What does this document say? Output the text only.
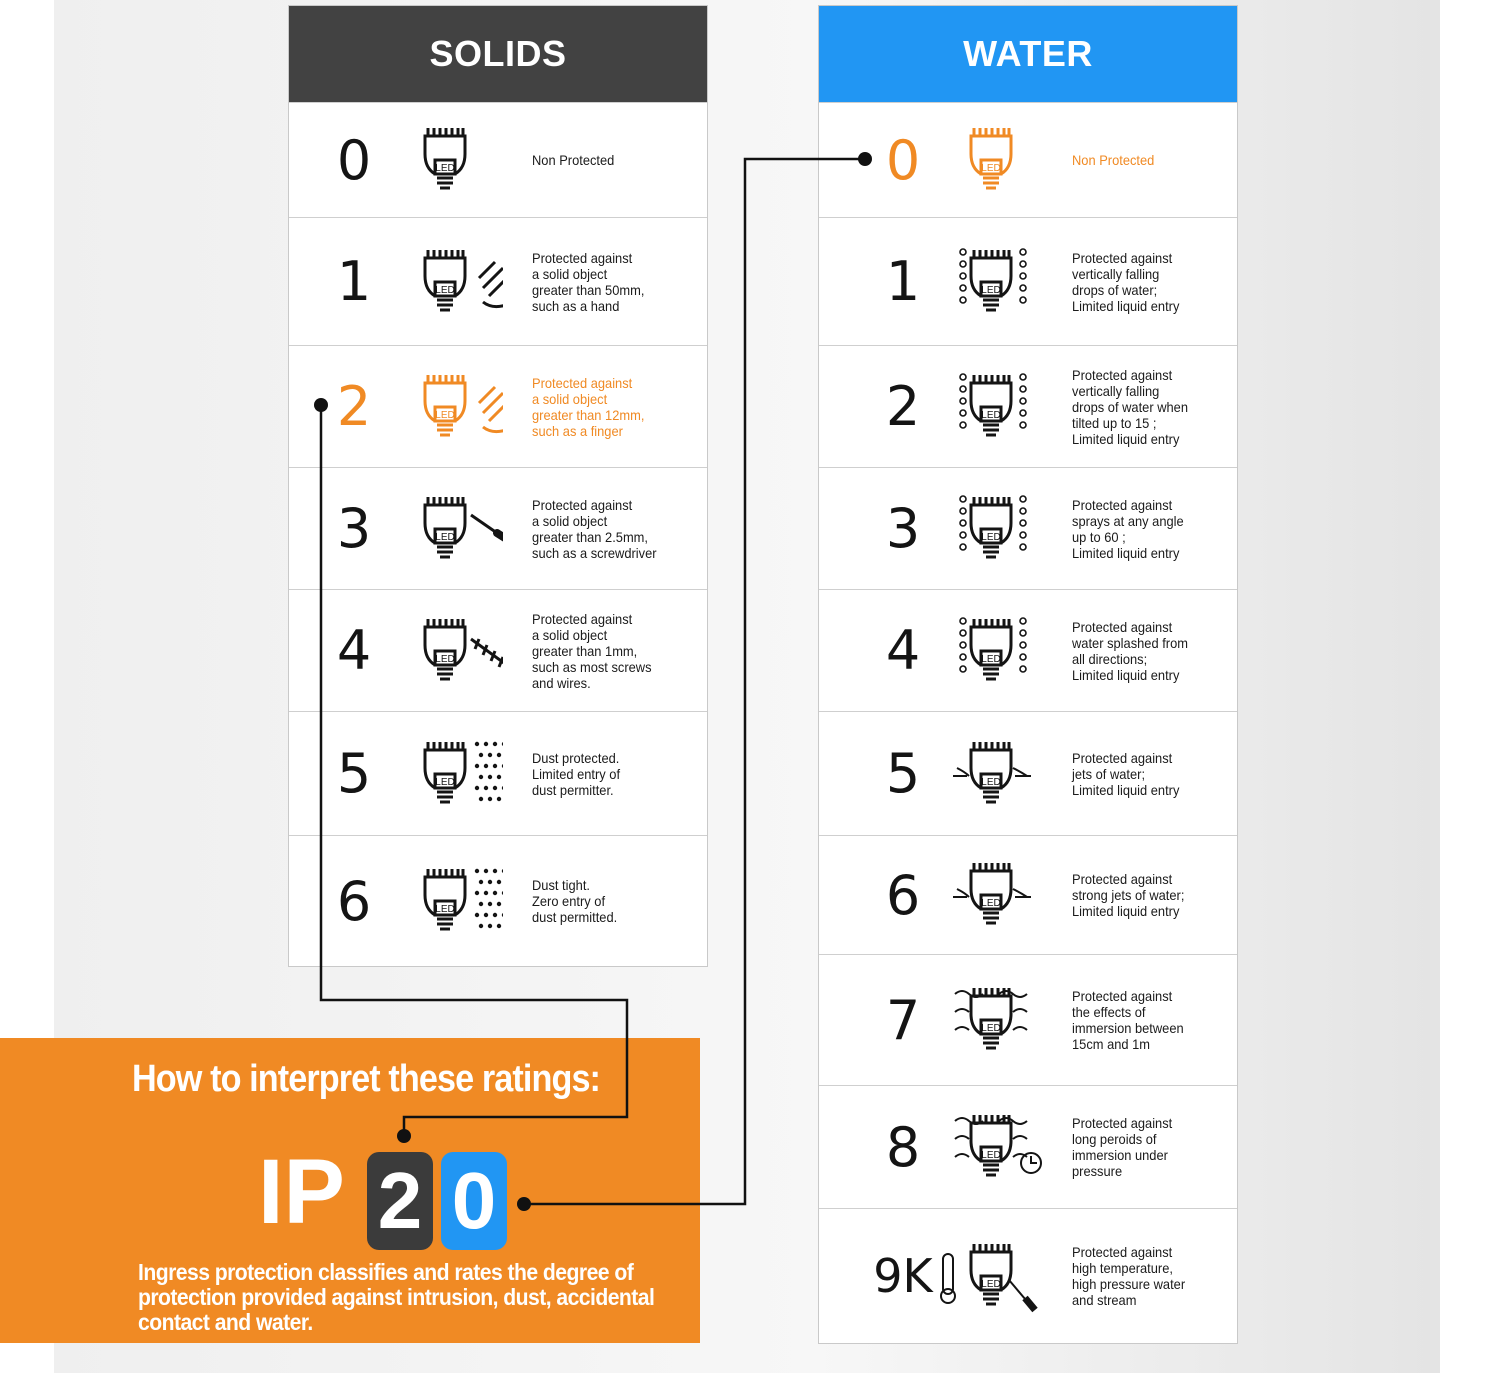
SOLIDS
0	LED
Non Protected
1	LED
Protected against
a solid object
greater than 50mm,
such as a hand
2	LED
Protected against
a solid object
greater than 12mm,
such as a finger
3	LED
Protected against
a solid object
greater than 2.5mm,
such as a screwdriver
4	LED
Protected against
a solid object
greater than 1mm,
such as most screws
and wires.
5	LED
Dust protected.
Limited entry of
dust permitter.
6	LED
Dust tight.
Zero entry of
dust permitted.
WATER
0	LED
Non Protected
1	LED
Protected against
vertically falling
drops of water;
Limited liquid entry
2	LED
Protected against
vertically falling
drops of water when
tilted up to 15 ;
Limited liquid entry
3	LED
Protected against
sprays at any angle
up to 60 ;
Limited liquid entry
4	LED
Protected against
water splashed from
all directions;
Limited liquid entry
5	LED
Protected against
jets of water;
Limited liquid entry
6	LED
Protected against
strong jets of water;
Limited liquid entry
7	LED
Protected against
the effects of
immersion between
15cm and 1m
8	LED
Protected against
long peroids of
immersion under
pressure
9K	LED
Protected against
high temperature,
high pressure water
and stream
How to interpret these ratings:
IP 2 0
Ingress protection classifies and rates the degree of protection provided against intrusion, dust, accidental contact and water.
